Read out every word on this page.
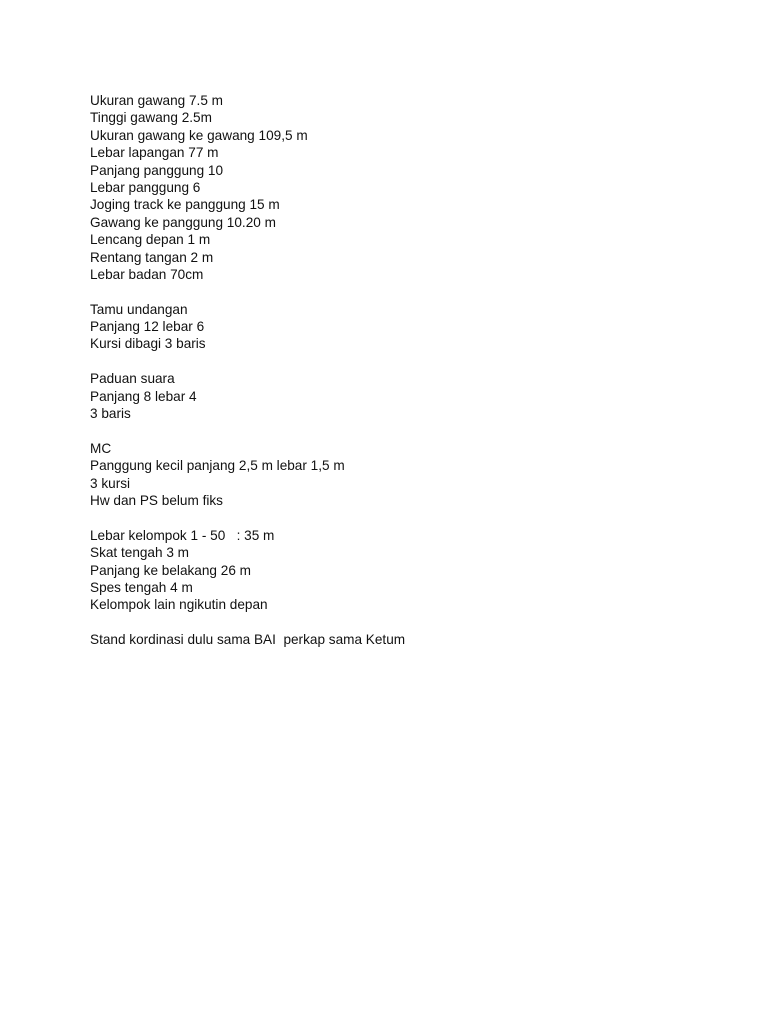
Ukuran gawang 7.5 m
Tinggi gawang 2.5m
Ukuran gawang ke gawang 109,5 m
Lebar lapangan 77 m
Panjang panggung 10
Lebar panggung 6
Joging track ke panggung 15 m
Gawang ke panggung 10.20 m
Lencang depan 1 m
Rentang tangan 2 m
Lebar badan 70cm
Tamu undangan
Panjang 12 lebar 6
Kursi dibagi 3 baris
Paduan suara
Panjang 8 lebar 4
3 baris
MC
Panggung kecil panjang 2,5 m lebar 1,5 m
3 kursi
Hw dan PS belum fiks
Lebar kelompok 1 - 50   : 35 m
Skat tengah 3 m
Panjang ke belakang 26 m
Spes tengah 4 m
Kelompok lain ngikutin depan
Stand kordinasi dulu sama BAI  perkap sama Ketum
